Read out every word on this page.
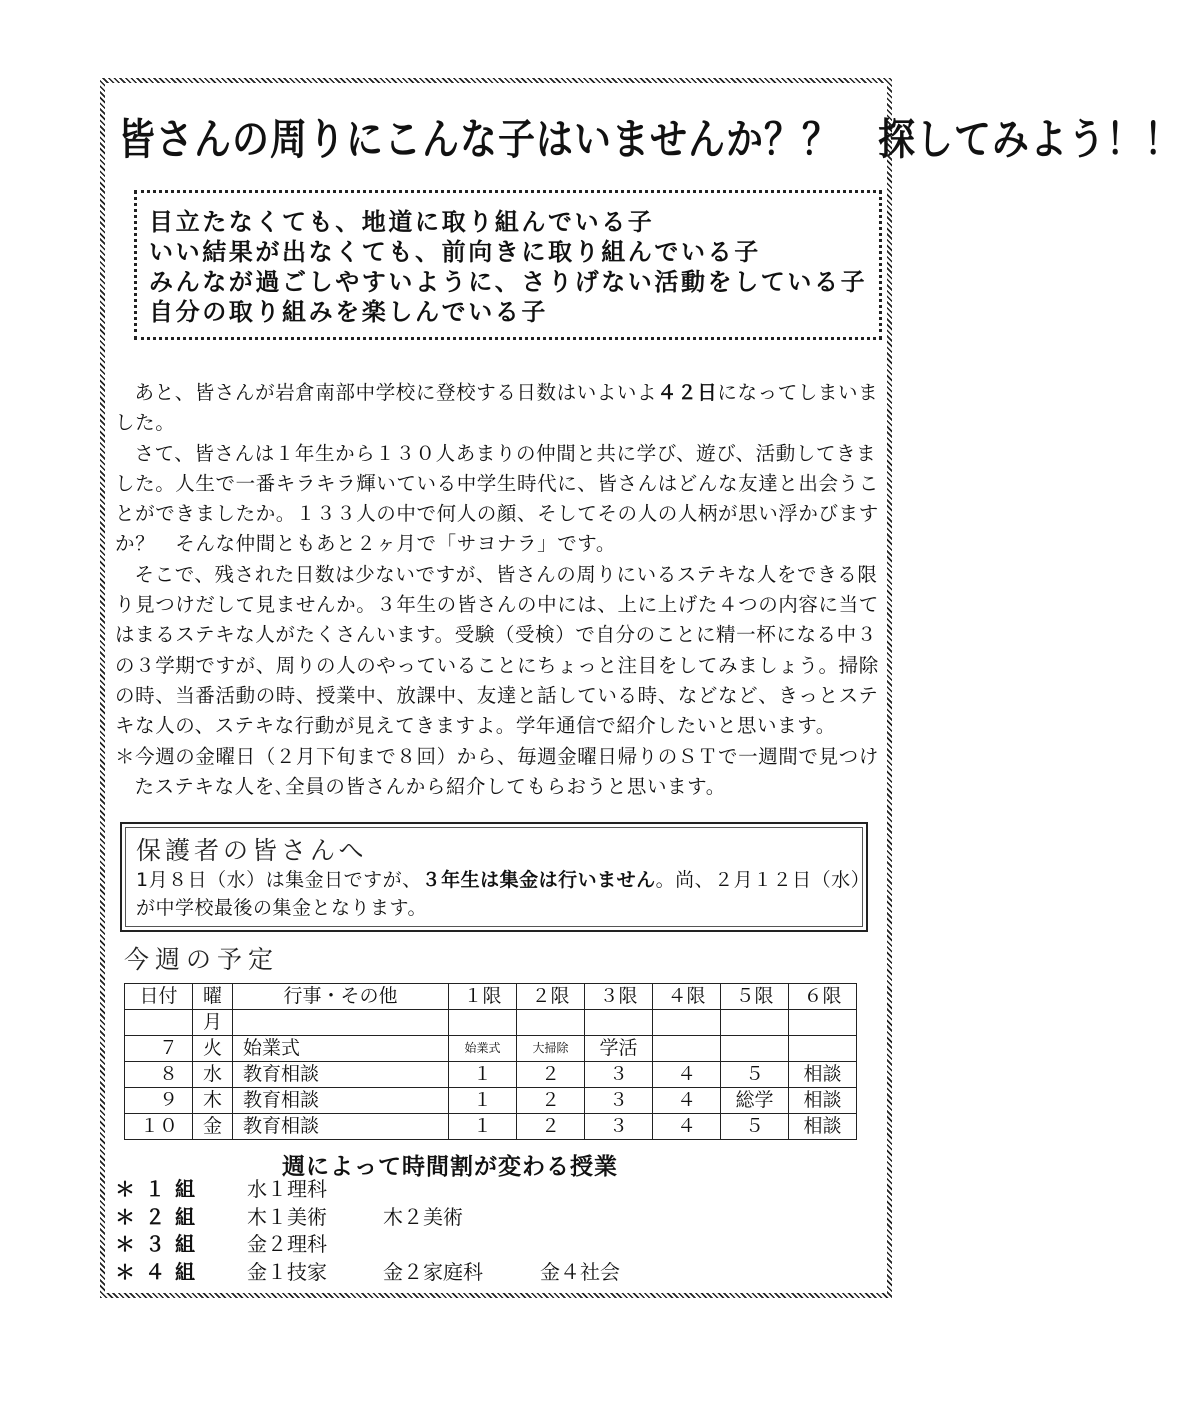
皆さんの周りにこんな子はいませんか？？　探してみよう！！
目立たなくても、地道に取り組んでいる子
いい結果が出なくても、前向きに取り組んでいる子
みんなが過ごしやすいように、さりげない活動をしている子
自分の取り組みを楽しんでいる子

あと、皆さんが岩倉南部中学校に登校する日数はいよいよ４２日になってしまいました。

さて、皆さんは１年生から１３０人あまりの仲間と共に学び、遊び、活動してきました。人生で一番キラキラ輝いている中学生時代に、皆さんはどんな友達と出会うことができましたか。１３３人の中で何人の顔、そしてその人の人柄が思い浮かびますか？　そんな仲間ともあと２ヶ月で「サヨナラ」です。

そこで、残された日数は少ないですが、皆さんの周りにいるステキな人をできる限り見つけだして見ませんか。３年生の皆さんの中には、上に上げた４つの内容に当てはまるステキな人がたくさんいます。受験（受検）で自分のことに精一杯になる中３の３学期ですが、周りの人のやっていることにちょっと注目をしてみましょう。掃除の時、当番活動の時、授業中、放課中、友達と話している時、などなど、きっとステキな人の、ステキな行動が見えてきますよ。学年通信で紹介したいと思います。

＊今週の金曜日（２月下旬まで８回）から、毎週金曜日帰りのＳＴで一週間で見つけたステキな人を､全員の皆さんから紹介してもらおうと思います。

保護者の皆さんへ
1月８日（水）は集金日ですが、３年生は集金は行いません。尚、２月１２日（水）が中学校最後の集金となります。
今週の予定
日付	曜	行事・その他	１限	２限	３限	４限	５限	６限
	月							
７	火	始業式	始業式	大掃除	学活			
８	水	教育相談	１	２	３	４	５	相談
９	木	教育相談	１	２	３	４	総学	相談
１０	金	教育相談	１	２	３	４	５	相談
週によって時間割が変わる授業
＊１組 水１理科
＊２組 木１美術	木２美術
＊３組 金２理科
＊４組 金１技家	金２家庭科	金４社会
